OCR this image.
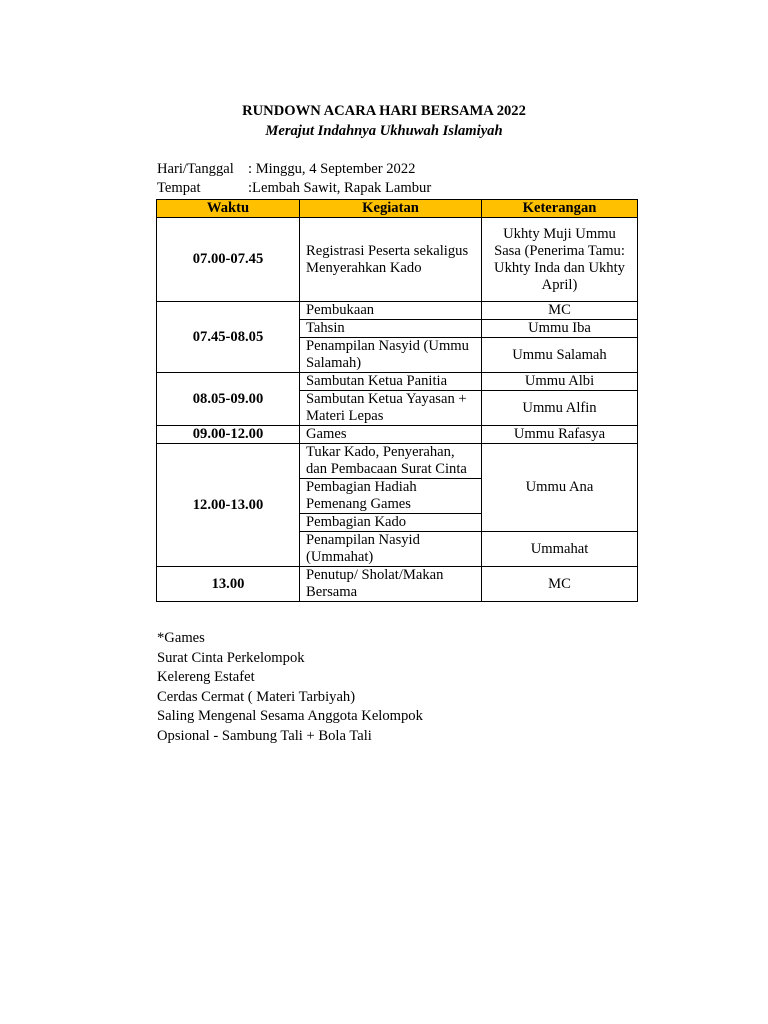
RUNDOWN ACARA HARI BERSAMA 2022
Merajut Indahnya Ukhuwah Islamiyah
Hari/Tanggal : Minggu, 4 September 2022
Tempat	:Lembah Sawit, Rapak Lambur
Waktu	Kegiatan	Keterangan
07.00-07.45	Registrasi Peserta sekaligus Menyerahkan Kado	Ukhty Muji Ummu Sasa (Penerima Tamu: Ukhty Inda dan Ukhty April)
07.45-08.05	Pembukaan	MC
	Tahsin	Ummu Iba
	Penampilan Nasyid (Ummu Salamah)	Ummu Salamah
08.05-09.00	Sambutan Ketua Panitia	Ummu Albi
	Sambutan Ketua Yayasan + Materi Lepas	Ummu Alfin
09.00-12.00	Games	Ummu Rafasya
12.00-13.00	Tukar Kado, Penyerahan, dan Pembacaan Surat Cinta	Ummu Ana
	Pembagian Hadiah Pemenang Games	
	Pembagian Kado	
	Penampilan Nasyid (Ummahat)	Ummahat
13.00	Penutup/ Sholat/Makan Bersama	MC
*Games
Surat Cinta Perkelompok
Kelereng Estafet
Cerdas Cermat ( Materi Tarbiyah)
Saling Mengenal Sesama Anggota Kelompok
Opsional - Sambung Tali + Bola Tali
